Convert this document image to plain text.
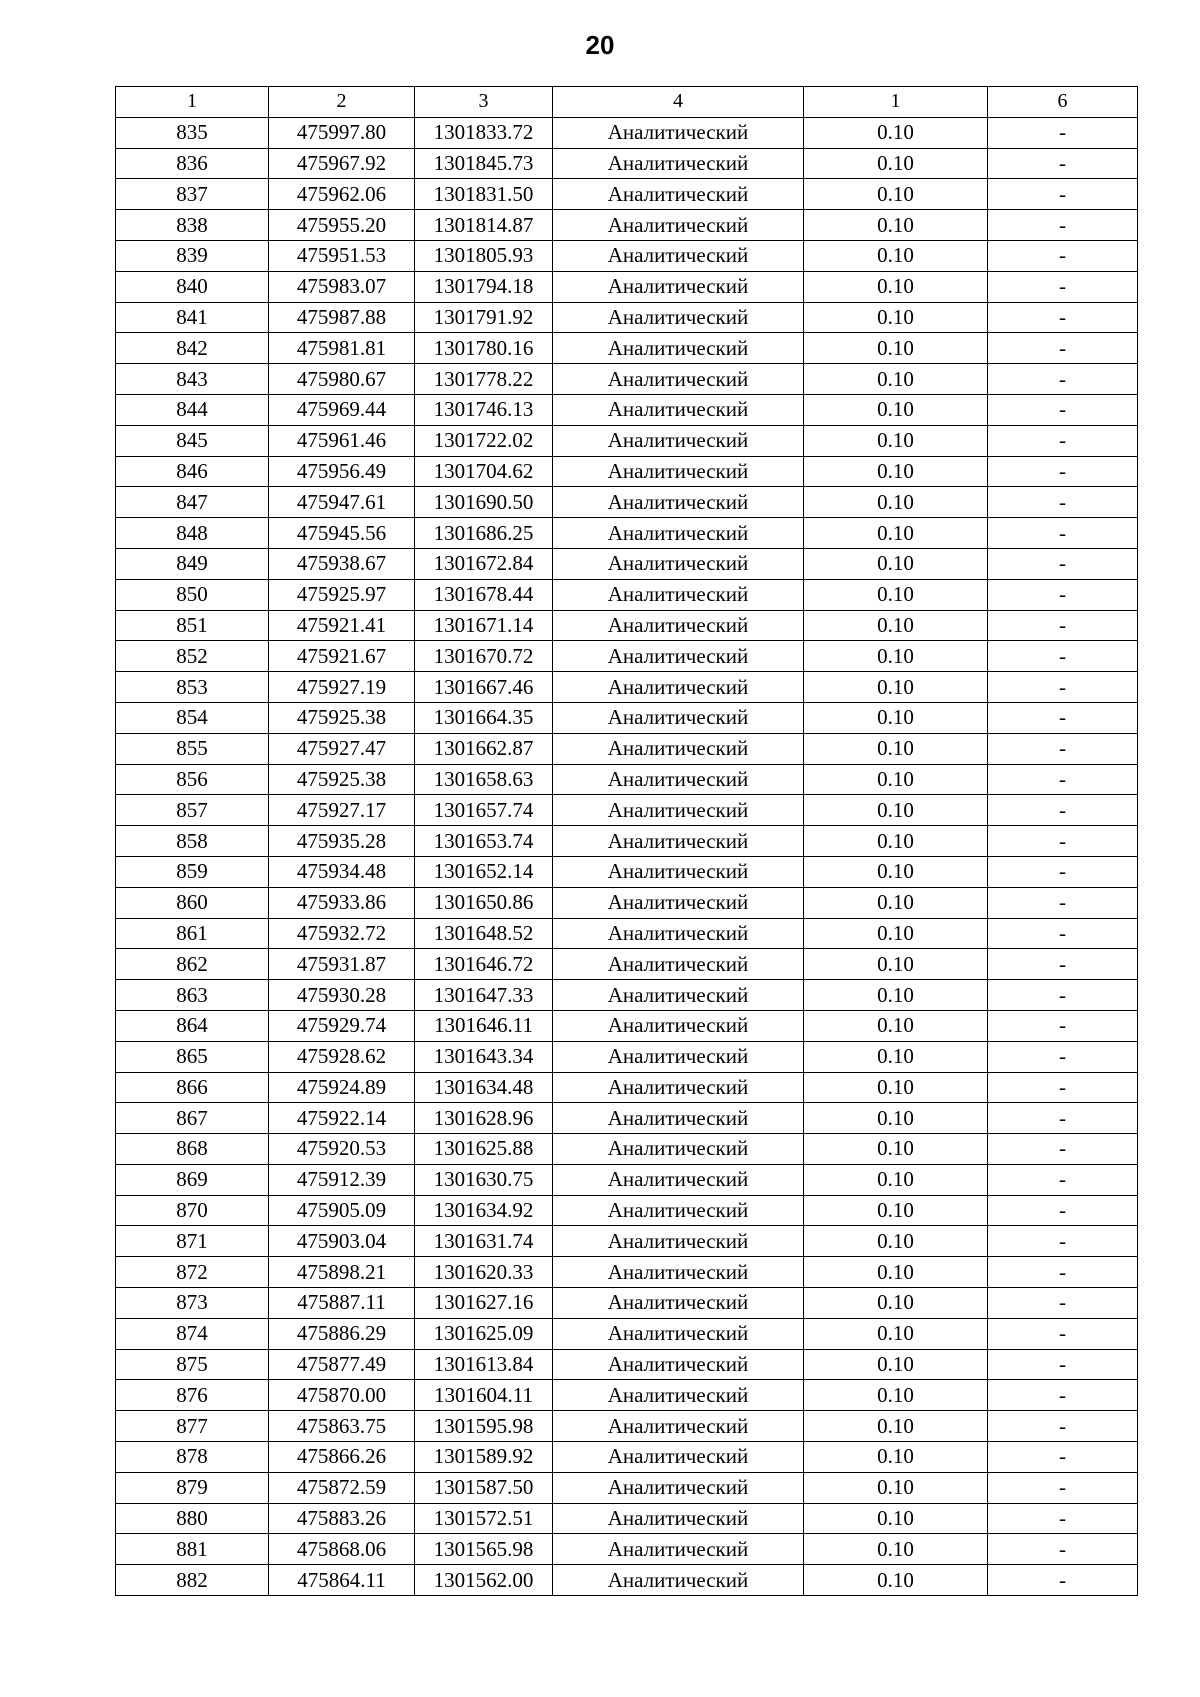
20
1	2	3	4	1	6
835	475997.80	1301833.72	Аналитический	0.10	-
836	475967.92	1301845.73	Аналитический	0.10	-
837	475962.06	1301831.50	Аналитический	0.10	-
838	475955.20	1301814.87	Аналитический	0.10	-
839	475951.53	1301805.93	Аналитический	0.10	-
840	475983.07	1301794.18	Аналитический	0.10	-
841	475987.88	1301791.92	Аналитический	0.10	-
842	475981.81	1301780.16	Аналитический	0.10	-
843	475980.67	1301778.22	Аналитический	0.10	-
844	475969.44	1301746.13	Аналитический	0.10	-
845	475961.46	1301722.02	Аналитический	0.10	-
846	475956.49	1301704.62	Аналитический	0.10	-
847	475947.61	1301690.50	Аналитический	0.10	-
848	475945.56	1301686.25	Аналитический	0.10	-
849	475938.67	1301672.84	Аналитический	0.10	-
850	475925.97	1301678.44	Аналитический	0.10	-
851	475921.41	1301671.14	Аналитический	0.10	-
852	475921.67	1301670.72	Аналитический	0.10	-
853	475927.19	1301667.46	Аналитический	0.10	-
854	475925.38	1301664.35	Аналитический	0.10	-
855	475927.47	1301662.87	Аналитический	0.10	-
856	475925.38	1301658.63	Аналитический	0.10	-
857	475927.17	1301657.74	Аналитический	0.10	-
858	475935.28	1301653.74	Аналитический	0.10	-
859	475934.48	1301652.14	Аналитический	0.10	-
860	475933.86	1301650.86	Аналитический	0.10	-
861	475932.72	1301648.52	Аналитический	0.10	-
862	475931.87	1301646.72	Аналитический	0.10	-
863	475930.28	1301647.33	Аналитический	0.10	-
864	475929.74	1301646.11	Аналитический	0.10	-
865	475928.62	1301643.34	Аналитический	0.10	-
866	475924.89	1301634.48	Аналитический	0.10	-
867	475922.14	1301628.96	Аналитический	0.10	-
868	475920.53	1301625.88	Аналитический	0.10	-
869	475912.39	1301630.75	Аналитический	0.10	-
870	475905.09	1301634.92	Аналитический	0.10	-
871	475903.04	1301631.74	Аналитический	0.10	-
872	475898.21	1301620.33	Аналитический	0.10	-
873	475887.11	1301627.16	Аналитический	0.10	-
874	475886.29	1301625.09	Аналитический	0.10	-
875	475877.49	1301613.84	Аналитический	0.10	-
876	475870.00	1301604.11	Аналитический	0.10	-
877	475863.75	1301595.98	Аналитический	0.10	-
878	475866.26	1301589.92	Аналитический	0.10	-
879	475872.59	1301587.50	Аналитический	0.10	-
880	475883.26	1301572.51	Аналитический	0.10	-
881	475868.06	1301565.98	Аналитический	0.10	-
882	475864.11	1301562.00	Аналитический	0.10	-
